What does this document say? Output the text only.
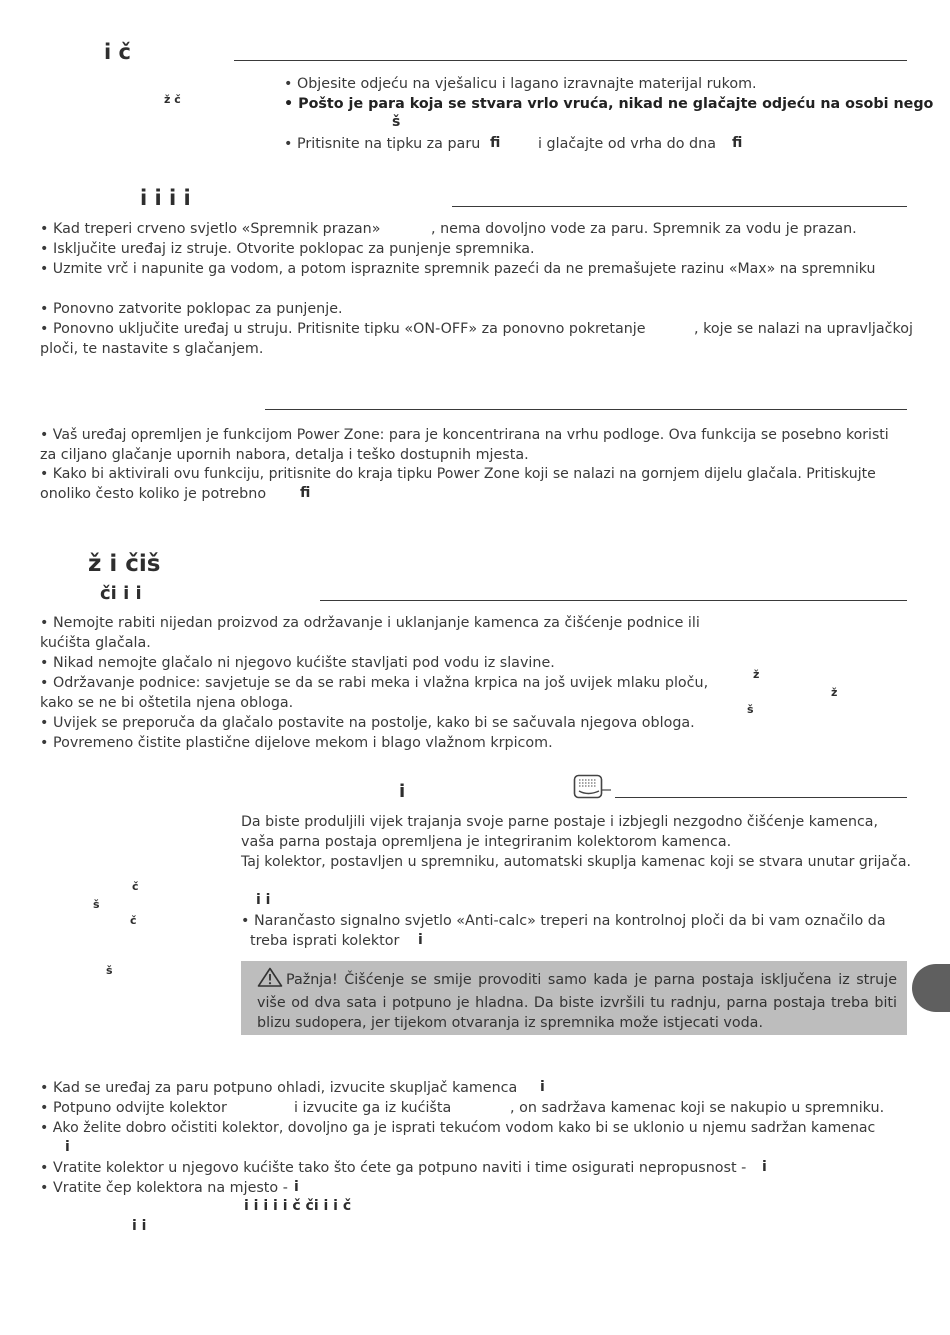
i č
ž č
• Objesite odjeću na vješalicu i lagano izravnajte materijal rukom.
• Pošto je para koja se stvara vrlo vruća, nikad ne glačajte odjeću na osobi nego
š
• Pritisnite na tipku za paru fi	i glačajte od vrha do dna fi
i i i i
• Kad treperi crveno svjetlo «Spremnik prazan»	, nema dovoljno vode za paru. Spremnik za vodu je prazan.
• Isključite uređaj iz struje. Otvorite poklopac za punjenje spremnika.
• Uzmite vrč i napunite ga vodom, a potom ispraznite spremnik pazeći da ne premašujete razinu «Max» na spremniku
• Ponovno zatvorite poklopac za punjenje.
• Ponovno uključite uređaj u struju. Pritisnite tipku «ON-OFF» za ponovno pokretanje	, koje se nalazi na upravljačkoj
ploči, te nastavite s glačanjem.
• Vaš uređaj opremljen je funkcijom Power Zone: para je koncentrirana na vrhu podloge. Ova funkcija se posebno koristi
za ciljano glačanje upornih nabora, detalja i teško dostupnih mjesta.
• Kako bi aktivirali ovu funkciju, pritisnite do kraja tipku Power Zone koji se nalazi na gornjem dijelu glačala. Pritiskujte
onoliko često koliko je potrebno fi
ž i čiš
či i i
• Nemojte rabiti nijedan proizvod za održavanje i uklanjanje kamenca za čišćenje podnice ili
kućišta glačala.
• Nikad nemojte glačalo ni njegovo kućište stavljati pod vodu iz slavine.
• Održavanje podnice: savjetuje se da se rabi meka i vlažna krpica na još uvijek mlaku ploču,
kako se ne bi oštetila njena obloga.
• Uvijek se preporuča da glačalo postavite na postolje, kako bi se sačuvala njegova obloga.
• Povremeno čistite plastične dijelove mekom i blago vlažnom krpicom.
ž
ž
š
i
Da biste produljili vijek trajanja svoje parne postaje i izbjegli nezgodno čišćenje kamenca,
vaša parna postaja opremljena je integriranim kolektorom kamenca.
Taj kolektor, postavljen u spremniku, automatski skuplja kamenac koji se stvara unutar grijača.
č
š
č
š
i i
• Narančasto signalno svjetlo «Anti-calc» treperi na kontrolnoj ploči da bi vam označilo da
treba isprati kolektor i
Pažnja! Čišćenje se smije provoditi samo kada je parna postaja isključena iz struje više od dva sata i potpuno je hladna. Da biste izvršili tu radnju, parna postaja treba biti blizu sudopera, jer tijekom otvaranja iz spremnika može istjecati voda.
• Kad se uređaj za paru potpuno ohladi, izvucite skupljač kamenca i
• Potpuno odvijte kolektor	i izvucite ga iz kućišta	, on sadržava kamenac koji se nakupio u spremniku.
• Ako želite dobro očistiti kolektor, dovoljno ga je isprati tekućom vodom kako bi se uklonio u njemu sadržan kamenac
i
• Vratite kolektor u njegovo kućište tako što ćete ga potpuno naviti i time osigurati nepropusnost - i
• Vratite čep kolektora na mjesto - i
i i i i i č či i i č
i i
